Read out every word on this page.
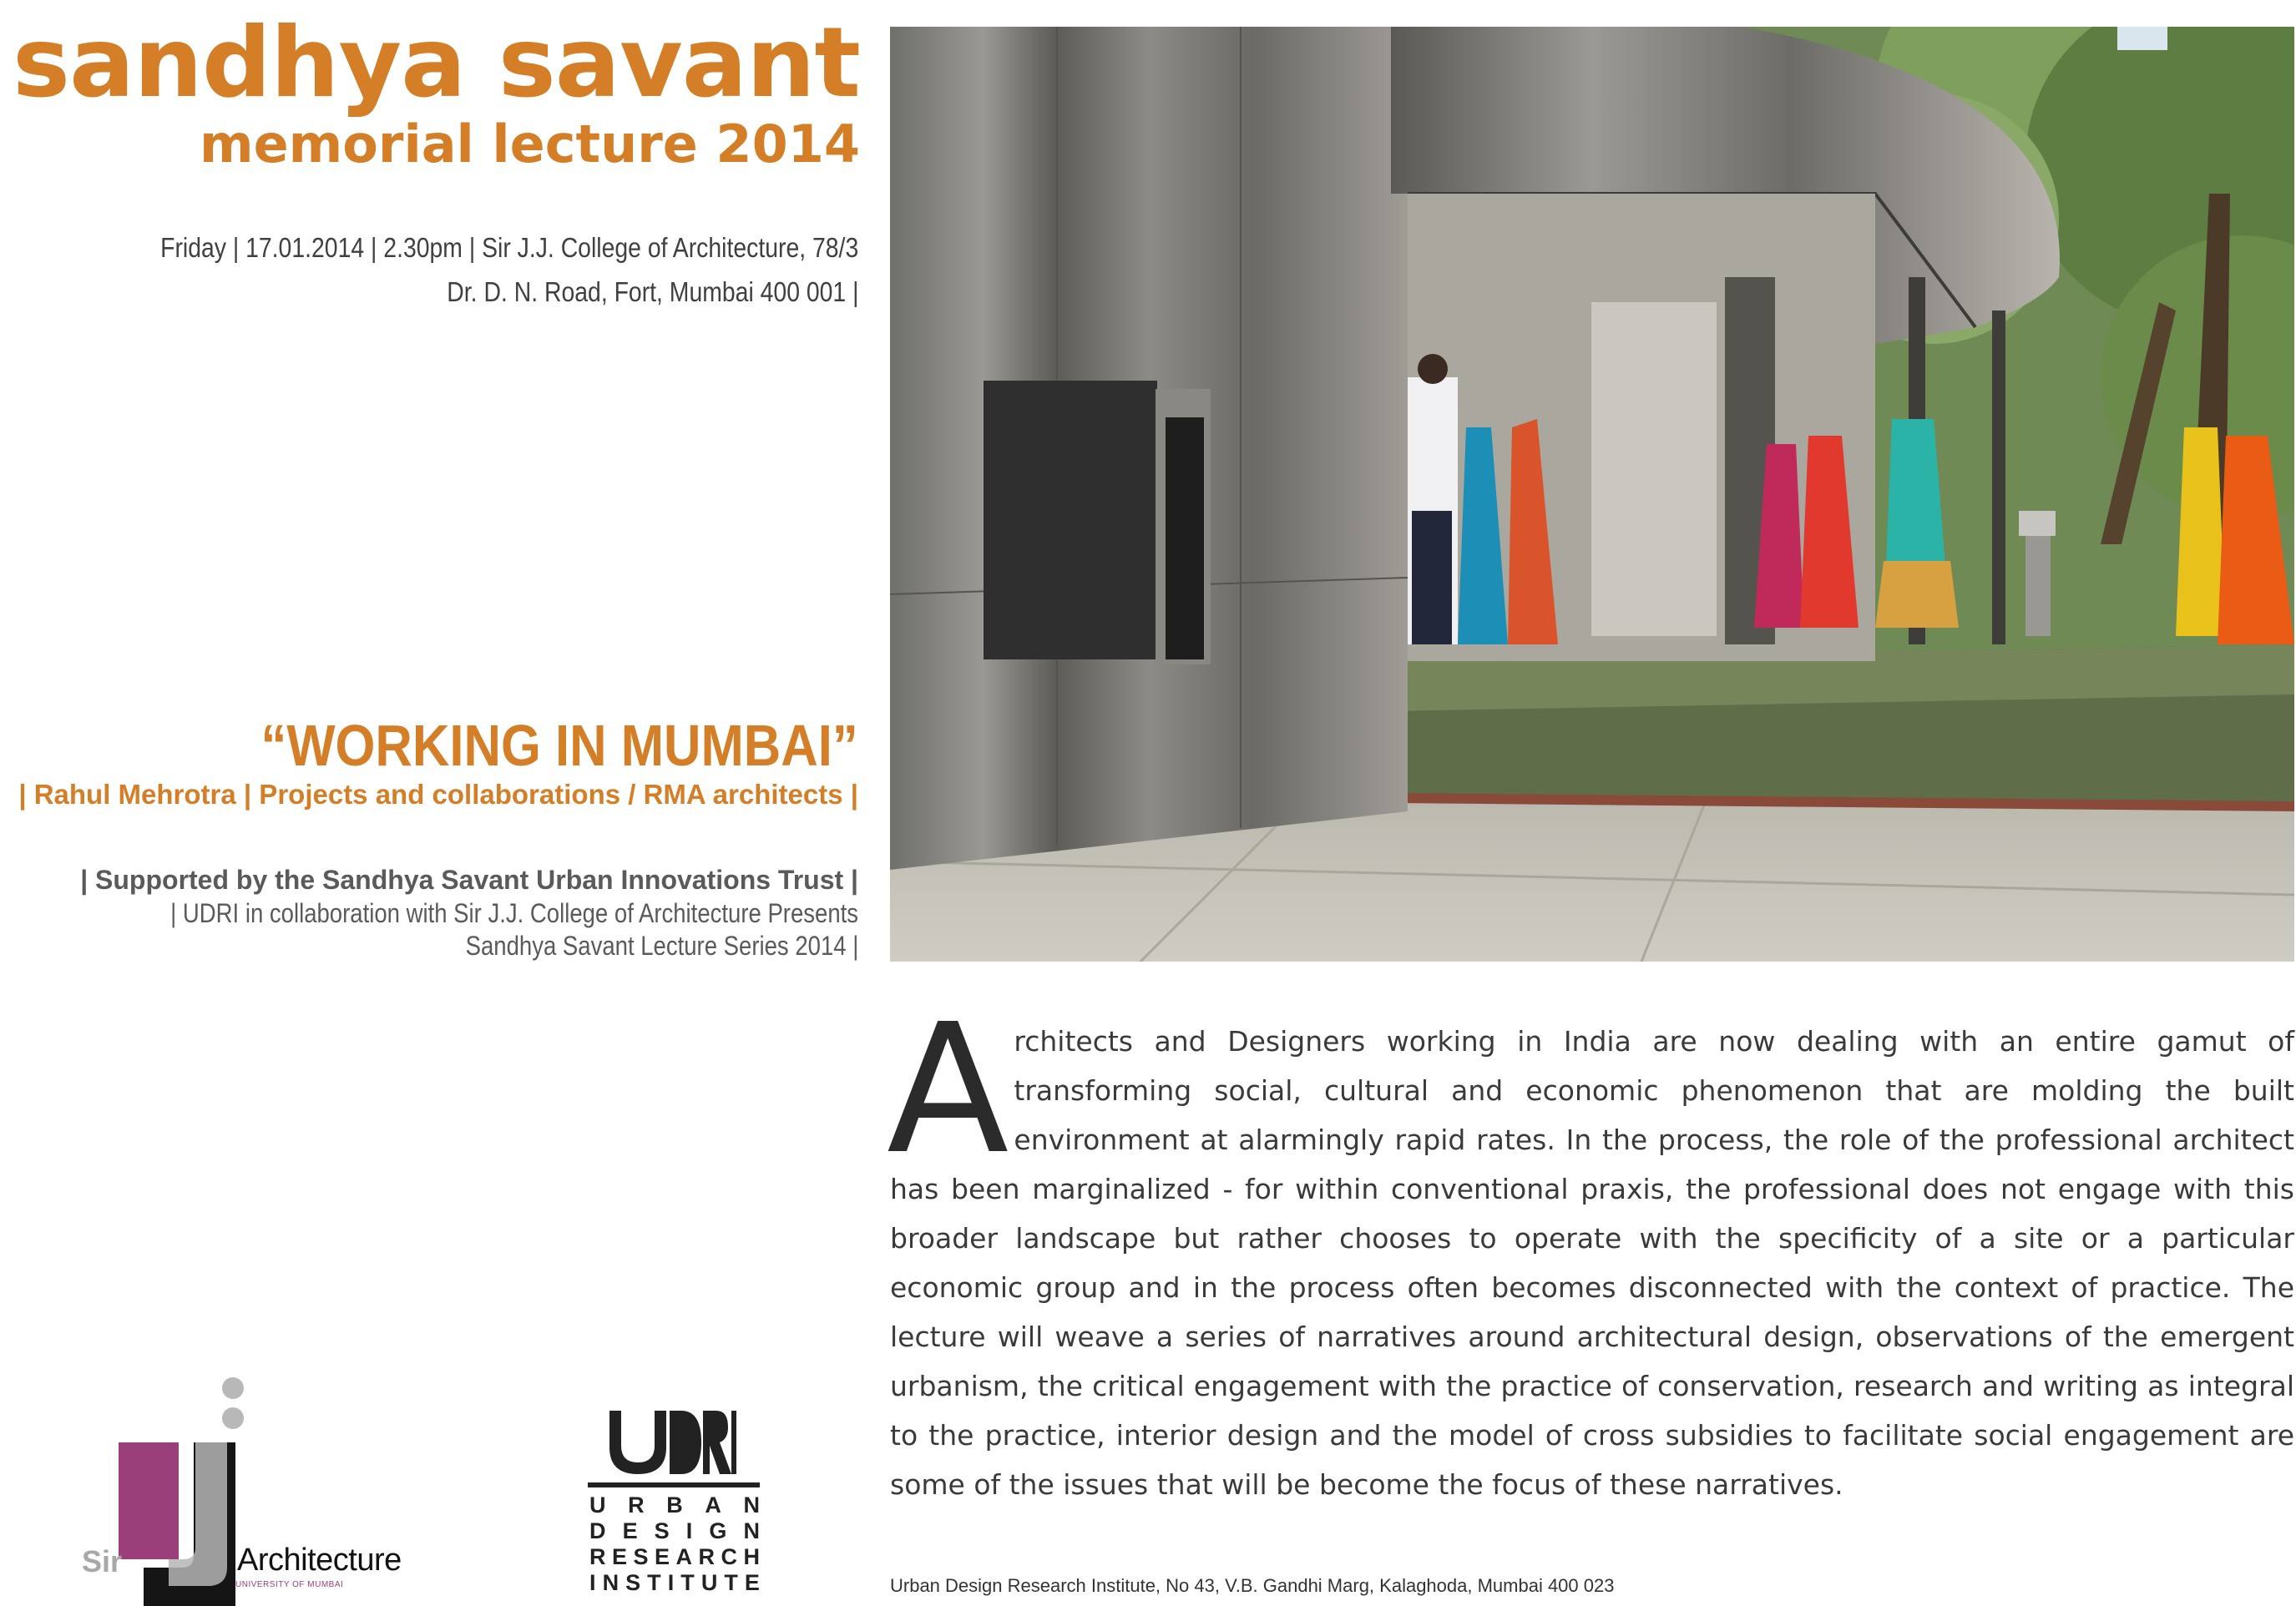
sandhya savant
memorial lecture 2014
Friday | 17.01.2014 | 2.30pm | Sir J.J. College of Architecture, 78/3
Dr. D. N. Road, Fort, Mumbai 400 001 |
“WORKING IN MUMBAI”
| Rahul Mehrotra | Projects and collaborations / RMA architects |
| Supported by the Sandhya Savant Urban Innovations Trust |
| UDRI in collaboration with Sir J.J. College of Architecture Presents
Sandhya Savant Lecture Series 2014 |
Architects and Designers working in India are now dealing with an entire gamut of transforming social, cultural and economic phenomenon that are molding the built environment at alarmingly rapid rates. In the process, the role of the professional architect has been marginalized - for within conventional praxis, the professional does not engage with this broader landscape but rather chooses to operate with the specificity of a site or a particular economic group and in the process often becomes disconnected with the context of practice. The lecture will weave a series of narratives around architectural design, observations of the emergent urbanism, the critical engagement with the practice of conservation, research and writing as integral to the practice, interior design and the model of cross subsidies to facilitate social engagement are some of the issues that will be become the focus of these narratives.
Urban Design Research Institute, No 43, V.B. Gandhi Marg, Kalaghoda, Mumbai 400 023
Sir	Architecture
UNIVERSITY OF MUMBAI
U R B A N
D E S I G N
R E S E A R C H
I N S T I T U T E
